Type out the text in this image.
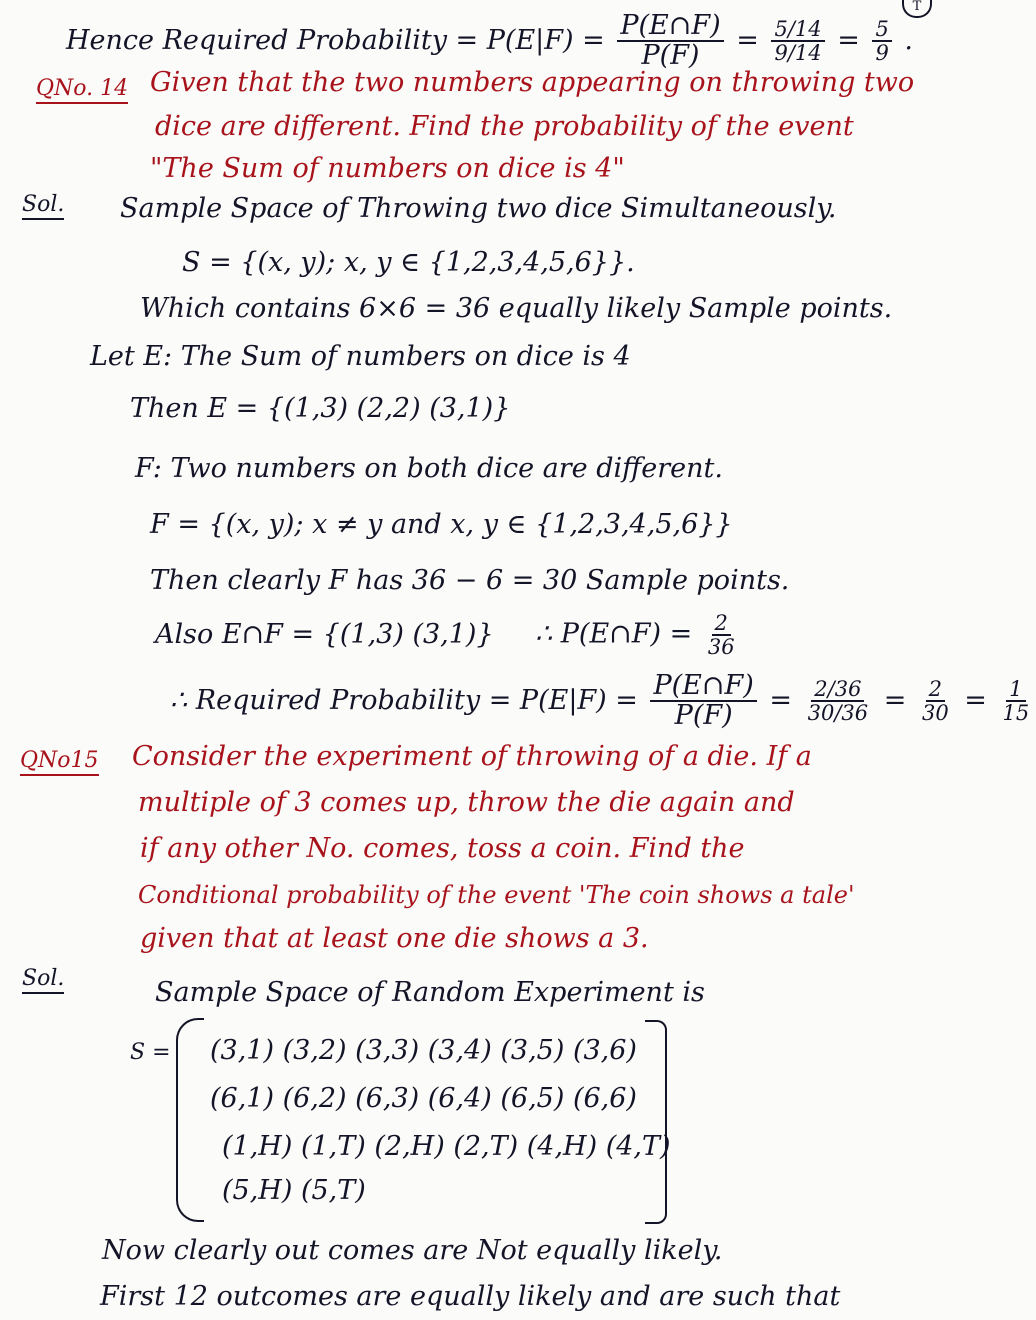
T
Hence Required Probability = $P(E|F) = \frac{P(E\cap F)}{P(F)} = \frac{5/14}{9/14} = \frac{5}{9}$ .
QNo. 14 Given that the two numbers appearing on throwing two
dice are different. Find the probability of the event
"The Sum of numbers on dice is 4"
Sol. Sample Space of Throwing two dice Simultaneously.
S = {(x, y); x, y ∈ {1,2,3,4,5,6}}.
Which contains 6×6 = 36 equally likely Sample points.
Let E: The Sum of numbers on dice is 4
Then E = {(1,3) (2,2) (3,1)}
F: Two numbers on both dice are different.
F = {(x, y); x ≠ y and x, y ∈ {1,2,3,4,5,6}}
Then clearly F has 36 − 6 = 30 Sample points.
Also E∩F = {(1,3) (3,1)} ∴ P(E∩F) = $\frac{2}{36}$
∴ Required Probability = $P(E|F) = \frac{P(E\cap F)}{P(F)} = \frac{2/36}{30/36} = \frac{2}{30} = \frac{1}{15}$
QNo15 Consider the experiment of throwing of a die. If a
multiple of 3 comes up, throw the die again and
if any other No. comes, toss a coin. Find the
Conditional probability of the event 'The coin shows a tale'
given that at least one die shows a 3.
Sol.	Sample Space of Random Experiment is
S = (3,1) (3,2) (3,3) (3,4) (3,5) (3,6)
(6,1) (6,2) (6,3) (6,4) (6,5) (6,6)
(1,H) (1,T) (2,H) (2,T) (4,H) (4,T)
(5,H) (5,T)
Now clearly out comes are Not equally likely.
First 12 outcomes are equally likely and are such that
